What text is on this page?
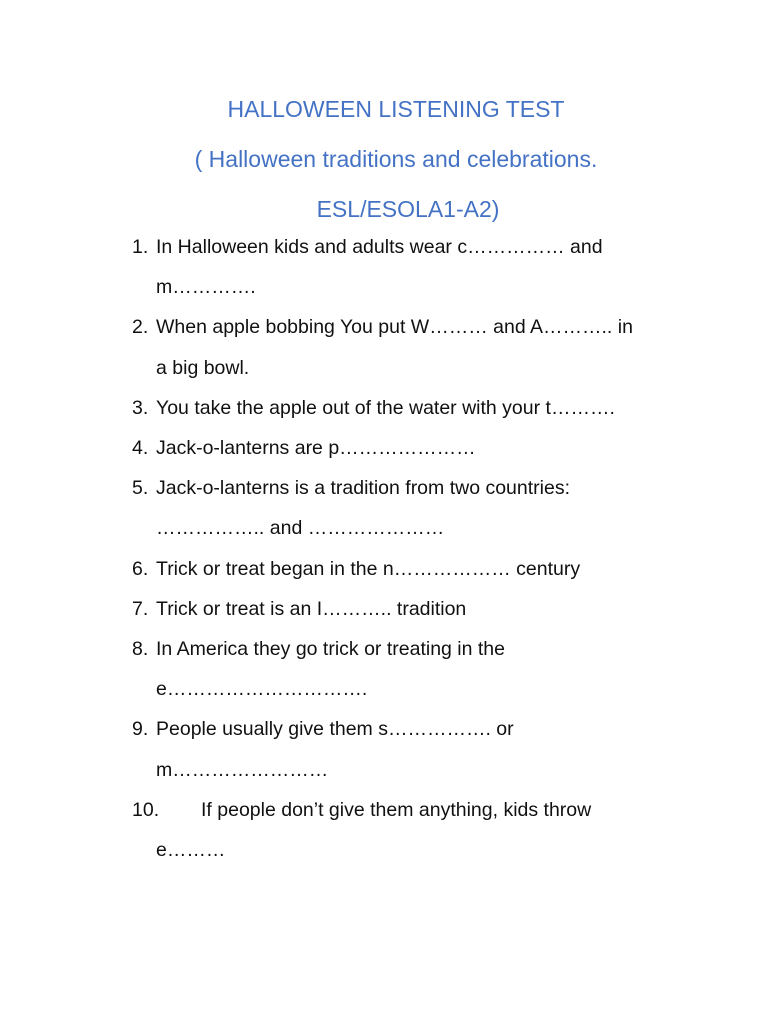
HALLOWEEN LISTENING TEST
( Halloween traditions and celebrations.
ESL/ESOLA1-A2)
1. In Halloween kids and adults wear c…………… and
m………….
2. When apple bobbing You put W……… and A……….. in
a big bowl.
3. You take the apple out of the water with your t……….
4. Jack-o-lanterns are p…………………
5. Jack-o-lanterns is a tradition from two countries:
…………….. and …………………
6. Trick or treat began in the n……………… century
7. Trick or treat is an I……….. tradition
8. In America they go trick or treating in the
e………………………….
9. People usually give them s……………. or
m……………………
10. If people don’t give them anything, kids throw
e………
